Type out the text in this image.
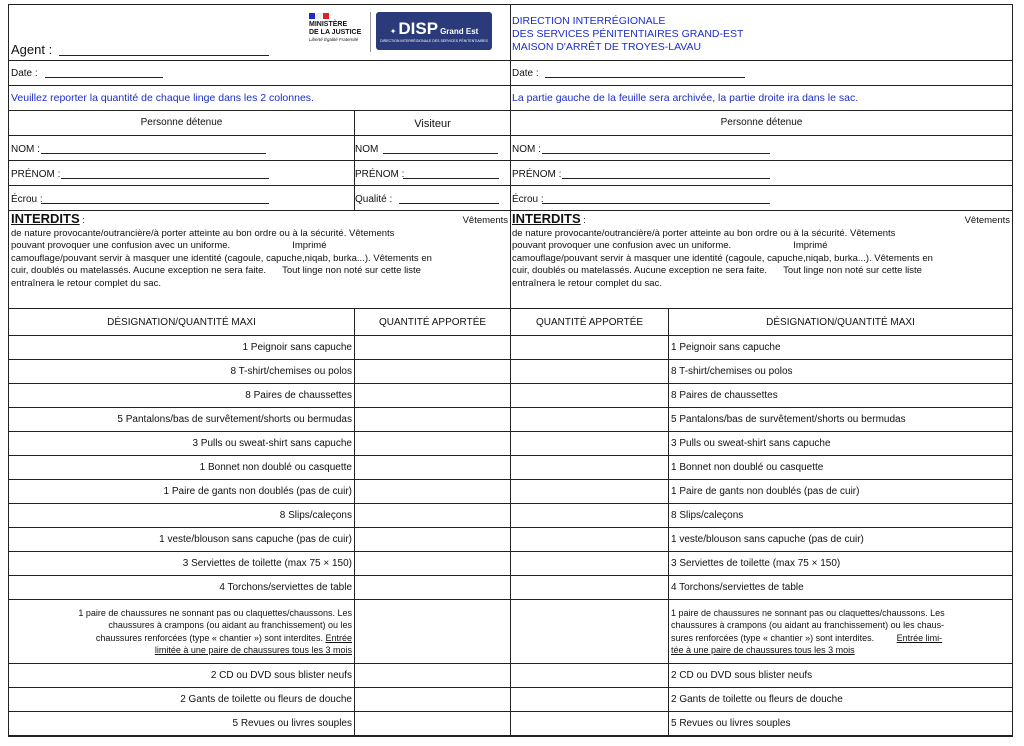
Agent :
MINISTÈRE
DE LA JUSTICE
Liberté Égalité Fraternité
✦ DISP Grand Est
DIRECTION INTERRÉGIONALE DES SERVICES PÉNITENTIAIRES
Date :
Veuillez reporter la quantité de chaque linge dans les 2 colonnes.
Personne détenue
NOM :
PRÉNOM :
Écrou :
Visiteur
NOM
PRÉNOM :
Qualité :
INTERDITS :	Vêtements
de nature provocante/outrancière/à porter atteinte au bon ordre ou à la sécurité. Vêtements
pouvant provoquer une confusion avec un uniforme.	Imprimé
camouflage/pouvant servir à masquer une identité (cagoule, capuche,niqab, burka...). Vêtements en
cuir, doublés ou matelassés. Aucune exception ne sera faite. Tout linge non noté sur cette liste
entraînera le retour complet du sac.
DÉSIGNATION/QUANTITÉ MAXI	QUANTITÉ APPORTÉE
1 Peignoir sans capuche	
8 T-shirt/chemises ou polos	
8 Paires de chaussettes	
5 Pantalons/bas de survêtement/shorts ou bermudas	
3 Pulls ou sweat-shirt sans capuche	
1 Bonnet non doublé ou casquette	
1 Paire de gants non doublés (pas de cuir)	
8 Slips/caleçons	
1 veste/blouson sans capuche (pas de cuir)	
3 Serviettes de toilette (max 75 × 150)	
4 Torchons/serviettes de table	

1 paire de chaussures ne sonnant pas ou claquettes/chaussons. Les
chaussures à crampons (ou aidant au franchissement) ou les
chaussures renforcées (type « chantier ») sont interdites. Entrée
limitée à une paire de chaussures tous les 3 mois	

2 CD ou DVD sous blister neufs	
2 Gants de toilette ou fleurs de douche	
5 Revues ou livres souples	
DIRECTION INTERRÉGIONALE
DES SERVICES PÉNITENTIAIRES GRAND-EST
MAISON D'ARRÊT DE TROYES-LAVAU
Date :
La partie gauche de la feuille sera archivée, la partie droite ira dans le sac.
Personne détenue
NOM :
PRÉNOM :
Écrou :
INTERDITS :	Vêtements
de nature provocante/outrancière/à porter atteinte au bon ordre ou à la sécurité. Vêtements
pouvant provoquer une confusion avec un uniforme.	Imprimé
camouflage/pouvant servir à masquer une identité (cagoule, capuche,niqab, burka...). Vêtements en
cuir, doublés ou matelassés. Aucune exception ne sera faite. Tout linge non noté sur cette liste
entraînera le retour complet du sac.
QUANTITÉ APPORTÉE	DÉSIGNATION/QUANTITÉ MAXI
	1 Peignoir sans capuche
	8 T-shirt/chemises ou polos
	8 Paires de chaussettes
	5 Pantalons/bas de survêtement/shorts ou bermudas
	3 Pulls ou sweat-shirt sans capuche
	1 Bonnet non doublé ou casquette
	1 Paire de gants non doublés (pas de cuir)
	8 Slips/caleçons
	1 veste/blouson sans capuche (pas de cuir)
	3 Serviettes de toilette (max 75 × 150)
	4 Torchons/serviettes de table

	1 paire de chaussures ne sonnant pas ou claquettes/chaussons. Les
chaussures à crampons (ou aidant au franchissement) ou les chaus-
sures renforcées (type « chantier ») sont interdites. Entrée limi-
tée à une paire de chaussures tous les 3 mois

	2 CD ou DVD sous blister neufs
	2 Gants de toilette ou fleurs de douche
	5 Revues ou livres souples
